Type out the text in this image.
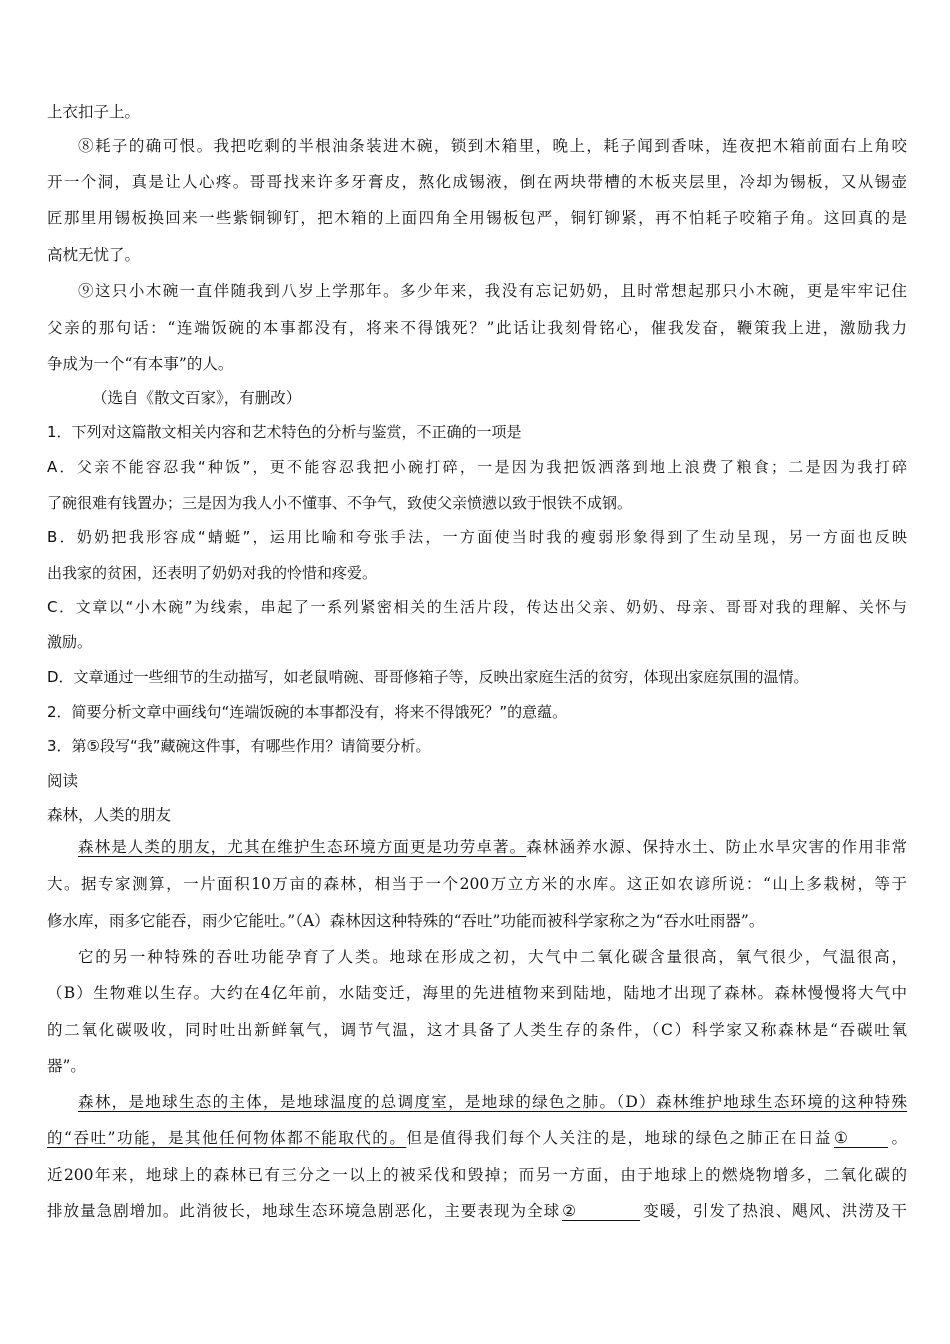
上衣扣子上。
⑧耗子的确可恨。我把吃剩的半根油条装进木碗，锁到木箱里，晚上，耗子闻到香味，连夜把木箱前面右上角咬
开一个洞，真是让人心疼。哥哥找来许多牙膏皮，熬化成锡液，倒在两块带槽的木板夹层里，冷却为锡板，又从锡壶
匠那里用锡板换回来一些紫铜铆钉，把木箱的上面四角全用锡板包严，铜钉铆紧，再不怕耗子咬箱子角。这回真的是
高枕无忧了。
⑨这只小木碗一直伴随我到八岁上学那年。多少年来，我没有忘记奶奶，且时常想起那只小木碗，更是牢牢记住
父亲的那句话：“连端饭碗的本事都没有，将来不得饿死？”此话让我刻骨铭心，催我发奋，鞭策我上进，激励我力
争成为一个“有本事”的人。
（选自《散文百家》，有删改）
1．下列对这篇散文相关内容和艺术特色的分析与鉴赏，不正确的一项是
A．父亲不能容忍我“种饭”，更不能容忍我把小碗打碎，一是因为我把饭洒落到地上浪费了粮食；二是因为我打碎
了碗很难有钱置办；三是因为我人小不懂事、不争气，致使父亲愤懑以致于恨铁不成钢。
B．奶奶把我形容成“蜻蜓”，运用比喻和夸张手法，一方面使当时我的瘦弱形象得到了生动呈现，另一方面也反映
出我家的贫困，还表明了奶奶对我的怜惜和疼爱。
C．文章以“小木碗”为线索，串起了一系列紧密相关的生活片段，传达出父亲、奶奶、母亲、哥哥对我的理解、关怀与
激励。
D．文章通过一些细节的生动描写，如老鼠啃碗、哥哥修箱子等，反映出家庭生活的贫穷，体现出家庭氛围的温情。
2．简要分析文章中画线句“连端饭碗的本事都没有，将来不得饿死？”的意蕴。
3．第⑤段写“我”藏碗这件事，有哪些作用？请简要分析。
阅读
森林，人类的朋友
森林是人类的朋友，尤其在维护生态环境方面更是功劳卓著。森林涵养水源、保持水土、防止水旱灾害的作用非常
大。据专家测算，一片面积10万亩的森林，相当于一个200万立方米的水库。这正如农谚所说：“山上多栽树，等于
修水库，雨多它能吞，雨少它能吐。”（A）森林因这种特殊的“吞吐”功能而被科学家称之为“吞水吐雨器”。
它的另一种特殊的吞吐功能孕育了人类。地球在形成之初，大气中二氧化碳含量很高，氧气很少，气温很高，
（B）生物难以生存。大约在4亿年前，水陆变迁，海里的先进植物来到陆地，陆地才出现了森林。森林慢慢将大气中
的二氧化碳吸收，同时吐出新鲜氧气，调节气温，这才具备了人类生存的条件，（C）科学家又称森林是“吞碳吐氧
器”。
森林，是地球生态的主体，是地球温度的总调度室，是地球的绿色之肺。（D）森林维护地球生态环境的这种特殊
的“吞吐”功能，是其他任何物体都不能取代的。但是值得我们每个人关注的是，地球的绿色之肺正在日益 ①	。
近200年来，地球上的森林已有三分之一以上的被采伐和毁掉；而另一方面，由于地球上的燃烧物增多，二氧化碳的
排放量急剧增加。此消彼长，地球生态环境急剧恶化，主要表现为全球 ②	变暖，引发了热浪、飓风、洪涝及干
